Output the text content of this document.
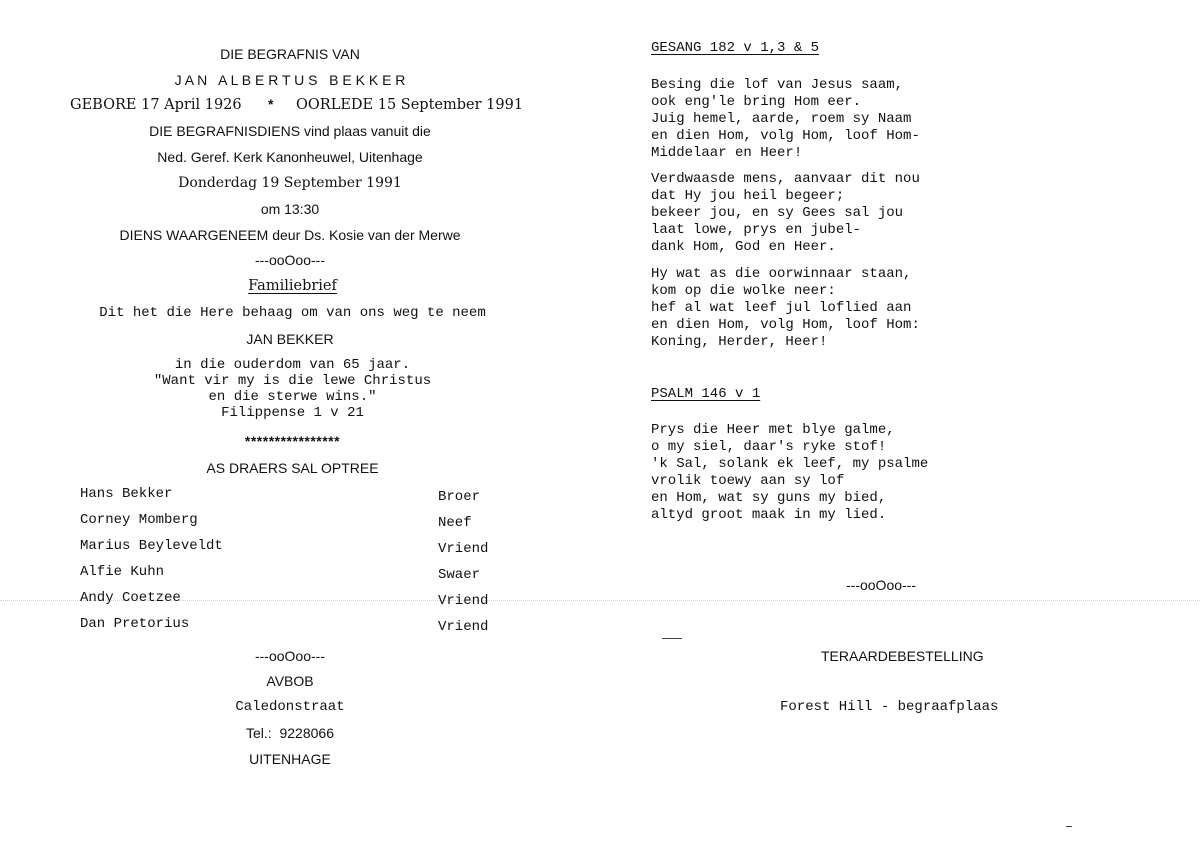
DIE BEGRAFNIS VAN
J A N   A L B E R T U S   B E K K E R
GEBORE 17 April 1926 * OORLEDE 15 September 1991
DIE BEGRAFNISDIENS vind plaas vanuit die
Ned. Geref. Kerk Kanonheuwel, Uitenhage
Donderdag 19 September 1991
om 13:30
DIENS WAARGENEEM deur Ds. Kosie van der Merwe
---ooOoo---
Familiebrief
Dit het die Here behaag om van ons weg te neem
JAN BEKKER
in die ouderdom van 65 jaar.
"Want vir my is die lewe Christus
en die sterwe wins."
Filippense 1 v 21
****************
AS DRAERS SAL OPTREE
Hans Bekker	Broer
Corney Momberg	Neef
Marius Beyleveldt	Vriend
Alfie Kuhn	Swaer
Andy Coetzee	Vriend
Dan Pretorius	Vriend
---ooOoo---
AVBOB
Caledonstraat
Tel.:  9228066
UITENHAGE
GESANG 182 v 1,3 & 5
Besing die lof van Jesus saam,
ook eng'le bring Hom eer.
Juig hemel, aarde, roem sy Naam
en dien Hom, volg Hom, loof Hom-
Middelaar en Heer!
Verdwaasde mens, aanvaar dit nou
dat Hy jou heil begeer;
bekeer jou, en sy Gees sal jou
laat lowe, prys en jubel-
dank Hom, God en Heer.
Hy wat as die oorwinnaar staan,
kom op die wolke neer:
hef al wat leef jul loflied aan
en dien Hom, volg Hom, loof Hom:
Koning, Herder, Heer!
PSALM 146 v 1
Prys die Heer met blye galme,
o my siel, daar's ryke stof!
'k Sal, solank ek leef, my psalme
vrolik toewy aan sy lof
en Hom, wat sy guns my bied,
altyd groot maak in my lied.
---ooOoo---
TERAARDEBESTELLING
Forest Hill - begraafplaas
